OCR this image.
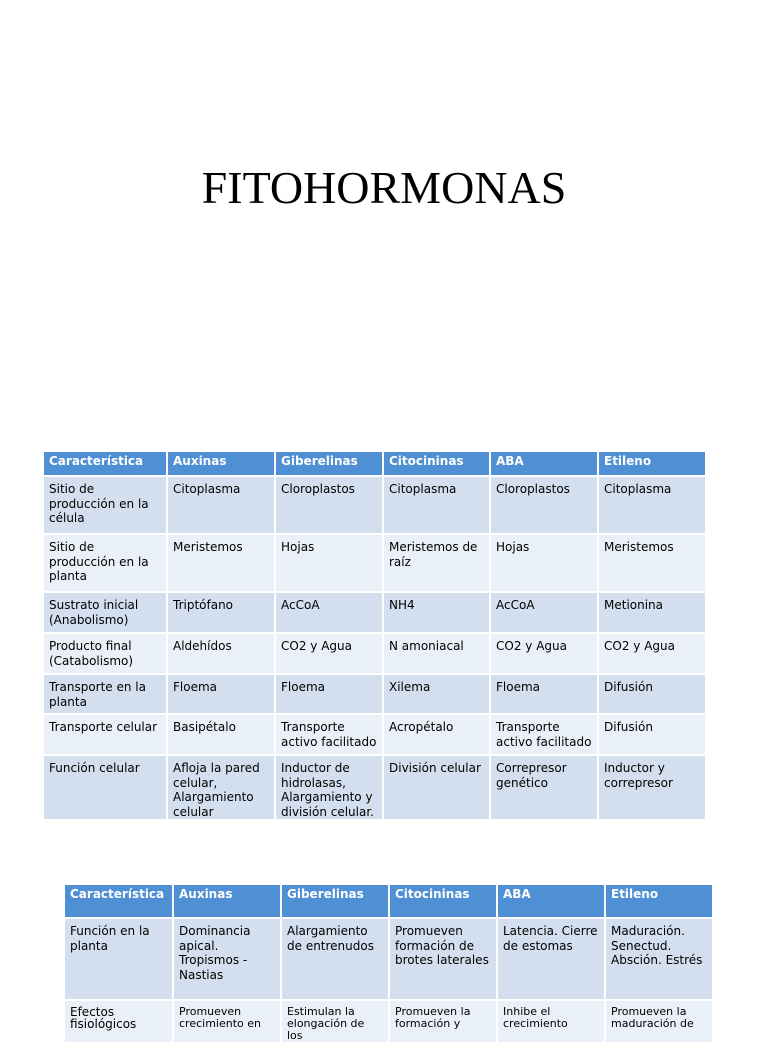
FITOHORMONAS
Característica	Auxinas	Giberelinas	Citocininas	ABA	Etileno
Sitio de producción en la célula	Citoplasma	Cloroplastos	Citoplasma	Cloroplastos	Citoplasma
Sitio de producción en la planta	Meristemos	Hojas	Meristemos de raíz	Hojas	Meristemos
Sustrato inicial (Anabolismo)	Triptófano	AcCoA	NH4	AcCoA	Metionina
Producto final (Catabolismo)	Aldehídos	CO2 y Agua	N amoniacal	CO2 y Agua	CO2 y Agua
Transporte en la planta	Floema	Floema	Xilema	Floema	Difusión
Transporte celular	Basipétalo	Transporte activo facilitado	Acropétalo	Transporte activo facilitado	Difusión
Función celular	Afloja la pared celular, Alargamiento celular	Inductor de hidrolasas, Alargamiento y división celular.	División celular	Correpresor genético	Inductor y correpresor
Característica	Auxinas	Giberelinas	Citocininas	ABA	Etileno
Función en la planta	Dominancia apical. Tropismos - Nastias	Alargamiento de entrenudos	Promueven formación de brotes laterales	Latencia. Cierre de estomas	Maduración. Senectud. Absción. Estrés
Efectos fisiológicos	Promueven crecimiento en	Estimulan la elongación de los	Promueven la formación y	Inhibe el crecimiento	Promueven la maduración de
